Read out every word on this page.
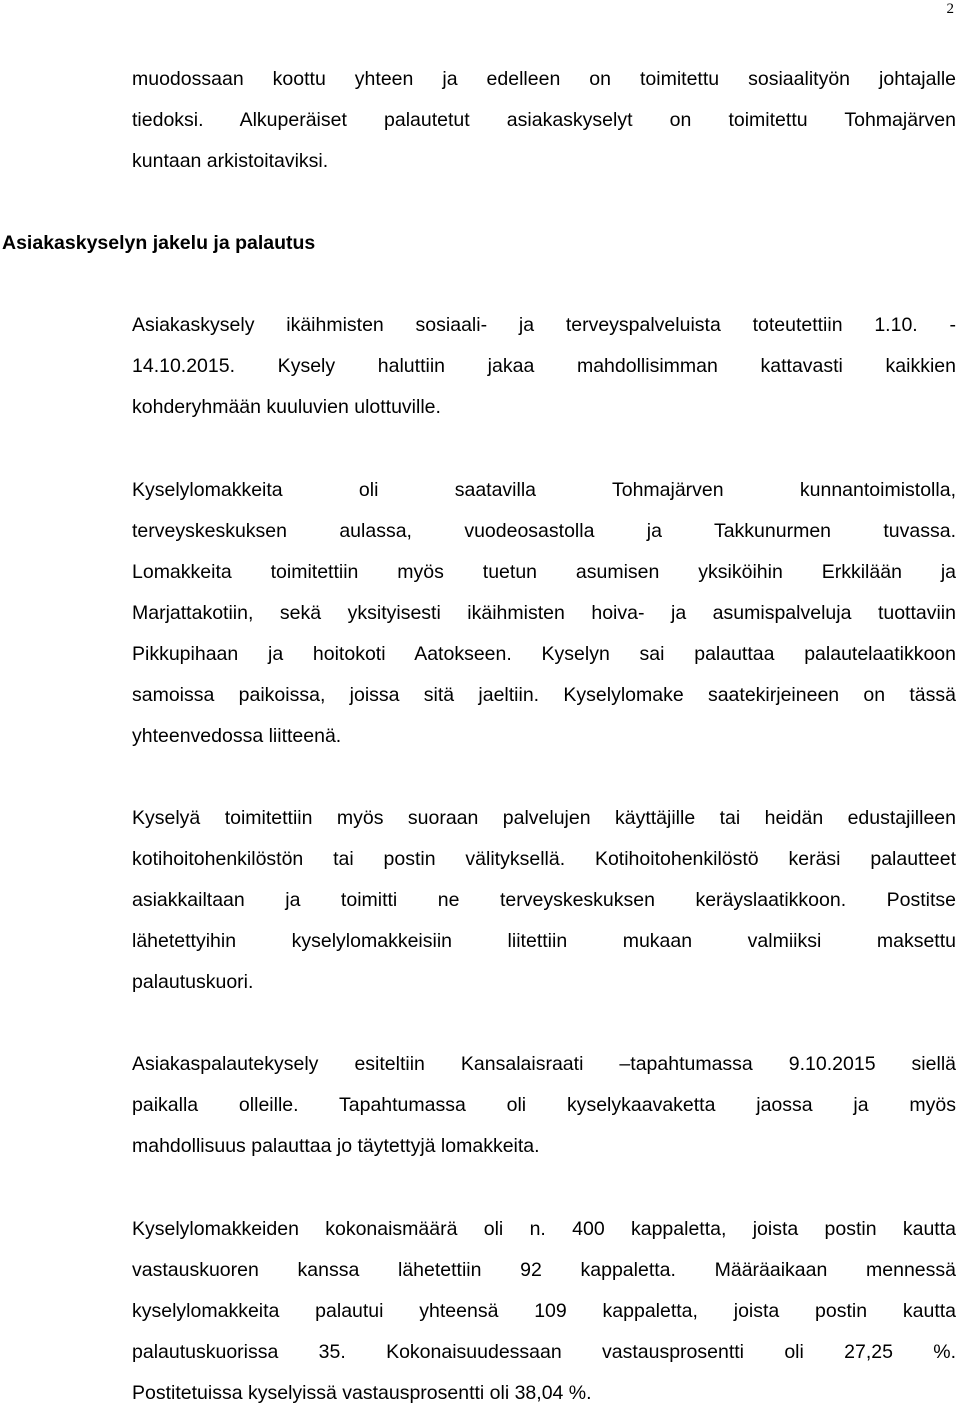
2
muodossaan koottu yhteen ja edelleen on toimitettu sosiaalityön johtajalle
tiedoksi. Alkuperäiset palautetut asiakaskyselyt on toimitettu Tohmajärven
kuntaan arkistoitaviksi.
Asiakaskyselyn jakelu ja palautus
Asiakaskysely ikäihmisten sosiaali- ja terveyspalveluista toteutettiin 1.10. -
14.10.2015. Kysely haluttiin jakaa mahdollisimman kattavasti kaikkien
kohderyhmään kuuluvien ulottuville.
Kyselylomakkeita oli saatavilla Tohmajärven kunnantoimistolla,
terveyskeskuksen aulassa, vuodeosastolla ja Takkunurmen tuvassa.
Lomakkeita toimitettiin myös tuetun asumisen yksiköihin Erkkilään ja
Marjattakotiin, sekä yksityisesti ikäihmisten hoiva- ja asumispalveluja tuottaviin
Pikkupihaan ja hoitokoti Aatokseen. Kyselyn sai palauttaa palautelaatikkoon
samoissa paikoissa, joissa sitä jaeltiin. Kyselylomake saatekirjeineen on tässä
yhteenvedossa liitteenä.
Kyselyä toimitettiin myös suoraan palvelujen käyttäjille tai heidän edustajilleen
kotihoitohenkilöstön tai postin välityksellä. Kotihoitohenkilöstö keräsi palautteet
asiakkailtaan ja toimitti ne terveyskeskuksen keräyslaatikkoon. Postitse
lähetettyihin kyselylomakkeisiin liitettiin mukaan valmiiksi maksettu
palautuskuori.
Asiakaspalautekysely esiteltiin Kansalaisraati –tapahtumassa 9.10.2015 siellä
paikalla olleille. Tapahtumassa oli kyselykaavaketta jaossa ja myös
mahdollisuus palauttaa jo täytettyjä lomakkeita.
Kyselylomakkeiden kokonaismäärä oli n. 400 kappaletta, joista postin kautta
vastauskuoren kanssa lähetettiin 92 kappaletta. Määräaikaan mennessä
kyselylomakkeita palautui yhteensä 109 kappaletta, joista postin kautta
palautuskuorissa 35. Kokonaisuudessaan vastausprosentti oli 27,25 %.
Postitetuissa kyselyissä vastausprosentti oli 38,04 %.
